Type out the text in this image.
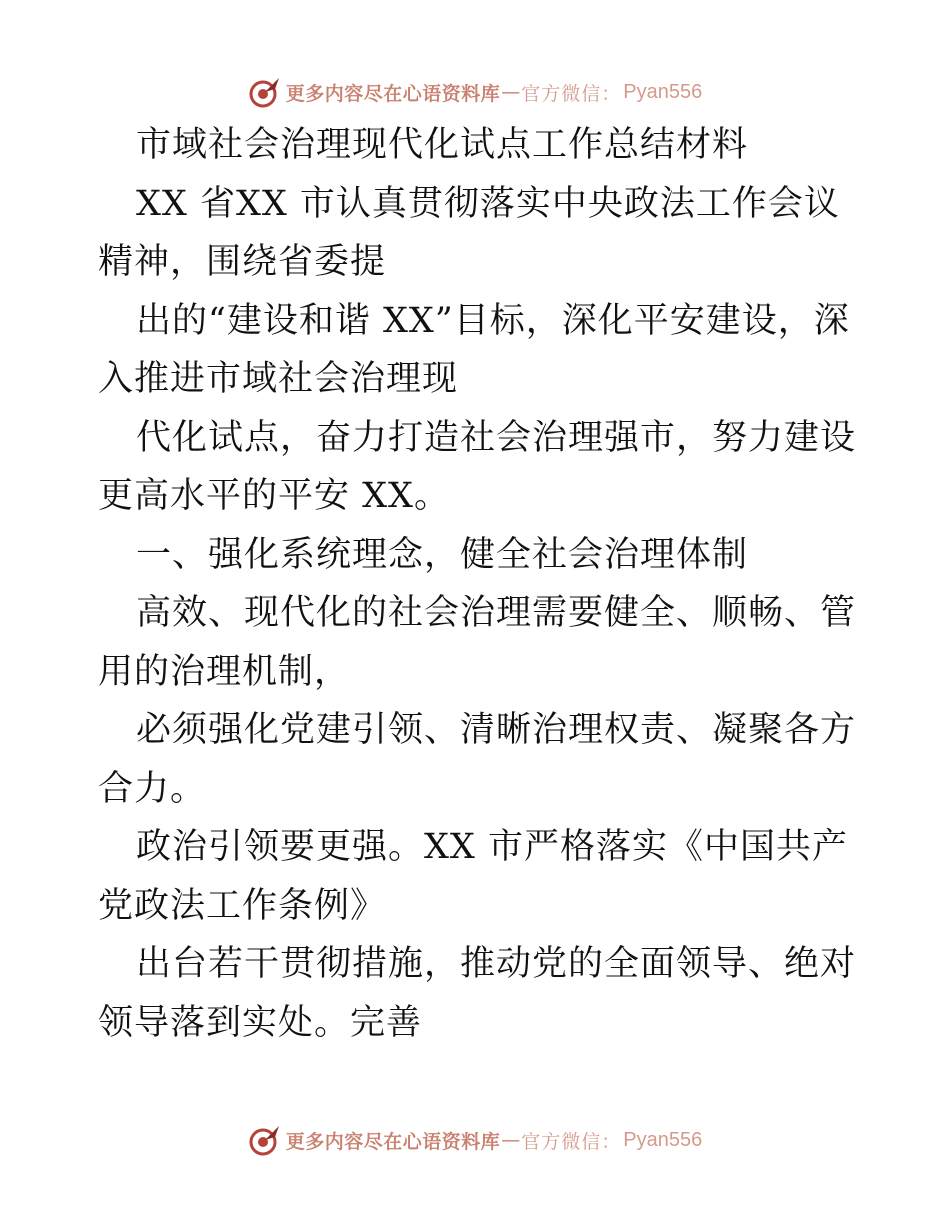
更多内容尽在心语资料库 — 官方微信： Pyan556

市域社会治理现代化试点工作总结材料

XX 省XX 市认真贯彻落实中央政法工作会议精神，围绕省委提

出的“建设和谐 XX”目标，深化平安建设，深入推进市域社会治理现

代化试点，奋力打造社会治理强市，努力建设更高水平的平安 XX。

一、强化系统理念，健全社会治理体制

高效、现代化的社会治理需要健全、顺畅、管用的治理机制，

必须强化党建引领、清晰治理权责、凝聚各方合力。

政治引领要更强。XX 市严格落实《中国共产党政法工作条例》

出台若干贯彻措施，推动党的全面领导、绝对领导落到实处。完善

更多内容尽在心语资料库 — 官方微信： Pyan556
